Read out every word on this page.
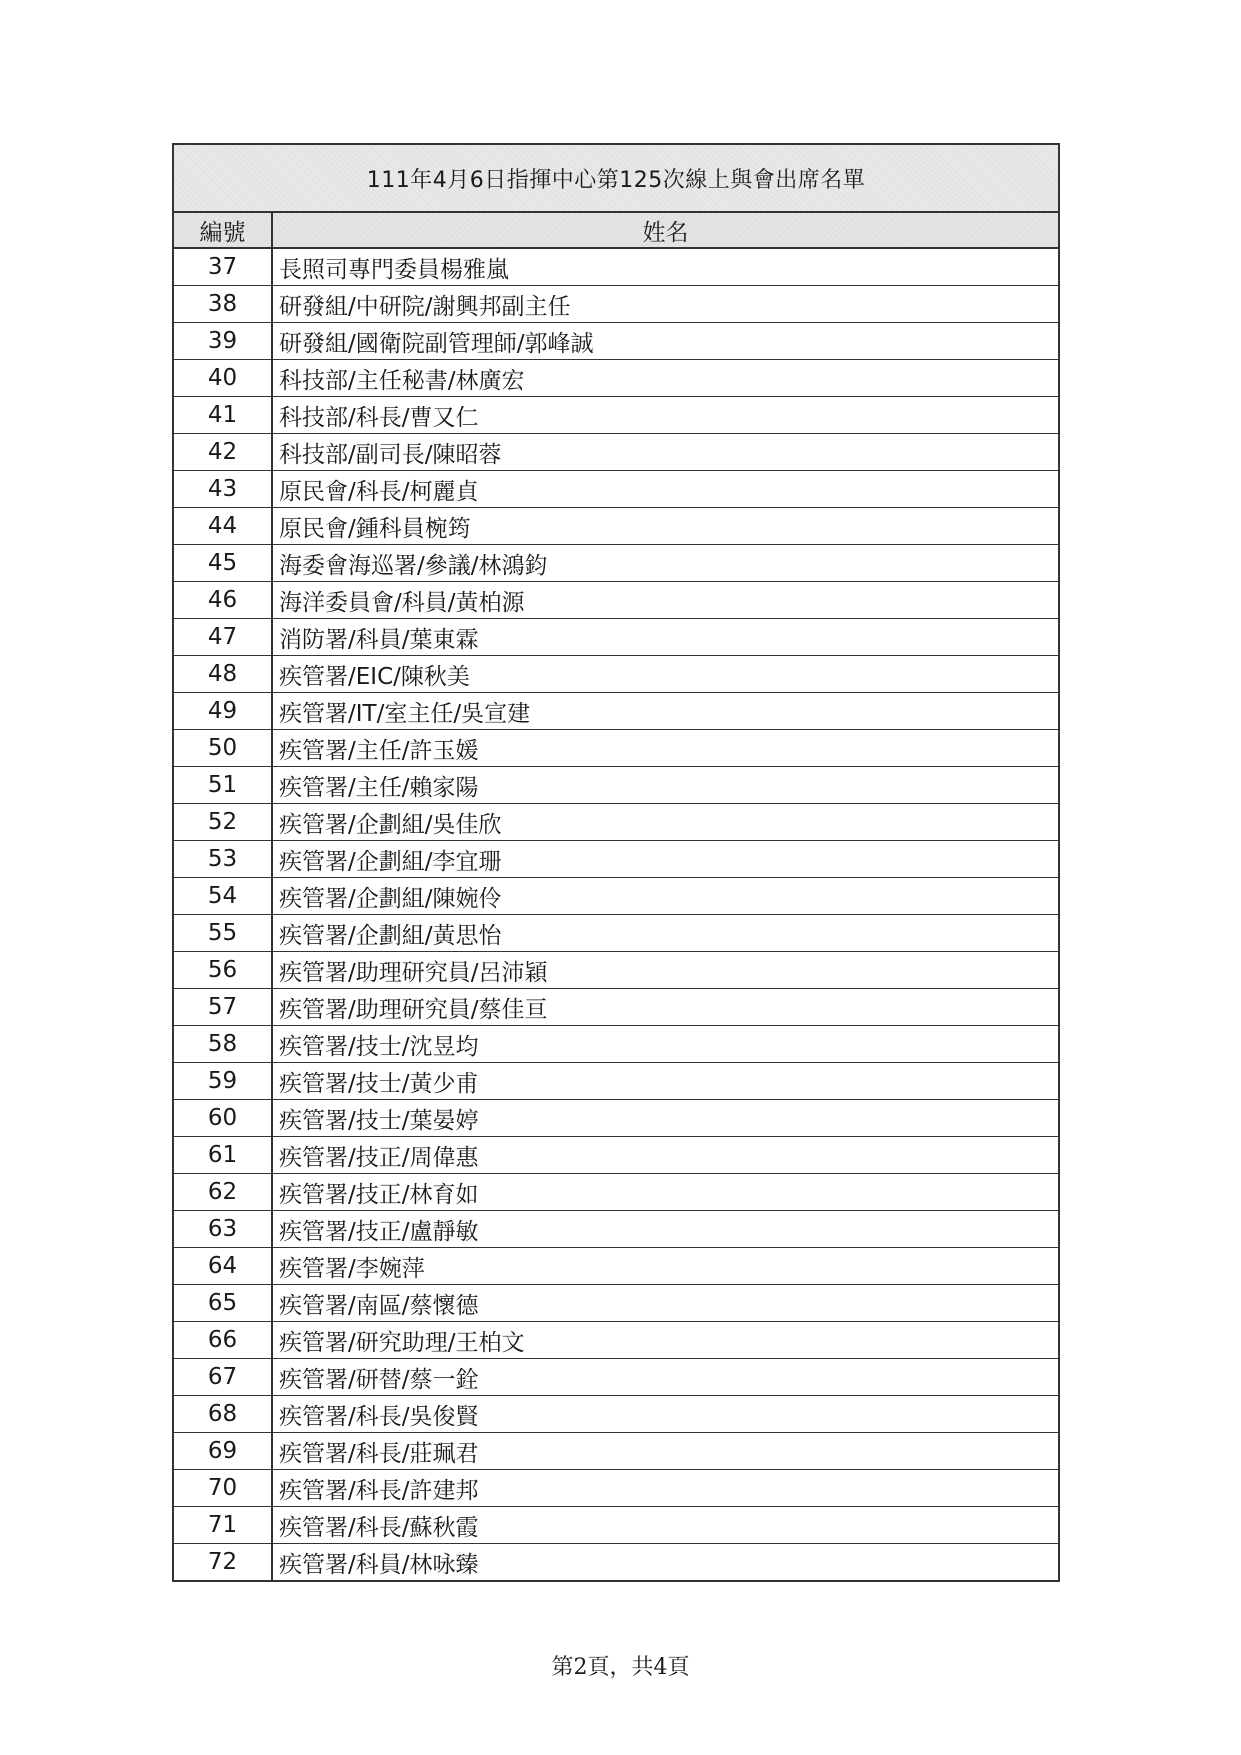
111年4月6日指揮中心第125次線上與會出席名單
編號	姓名
37	長照司專門委員楊雅嵐
38	研發組/中研院/謝興邦副主任
39	研發組/國衛院副管理師/郭峰誠
40	科技部/主任秘書/林廣宏
41	科技部/科長/曹又仁
42	科技部/副司長/陳昭蓉
43	原民會/科長/柯麗貞
44	原民會/鍾科員椀筠
45	海委會海巡署/參議/林鴻鈞
46	海洋委員會/科員/黃柏源
47	消防署/科員/葉東霖
48	疾管署/EIC/陳秋美
49	疾管署/IT/室主任/吳宣建
50	疾管署/主任/許玉媛
51	疾管署/主任/賴家陽
52	疾管署/企劃組/吳佳欣
53	疾管署/企劃組/李宜珊
54	疾管署/企劃組/陳婉伶
55	疾管署/企劃組/黃思怡
56	疾管署/助理研究員/呂沛穎
57	疾管署/助理研究員/蔡佳亘
58	疾管署/技士/沈昱均
59	疾管署/技士/黃少甫
60	疾管署/技士/葉晏婷
61	疾管署/技正/周偉惠
62	疾管署/技正/林育如
63	疾管署/技正/盧靜敏
64	疾管署/李婉萍
65	疾管署/南區/蔡懷德
66	疾管署/研究助理/王柏文
67	疾管署/研替/蔡一銓
68	疾管署/科長/吳俊賢
69	疾管署/科長/莊珮君
70	疾管署/科長/許建邦
71	疾管署/科長/蘇秋霞
72	疾管署/科員/林咏臻
第2頁，共4頁
